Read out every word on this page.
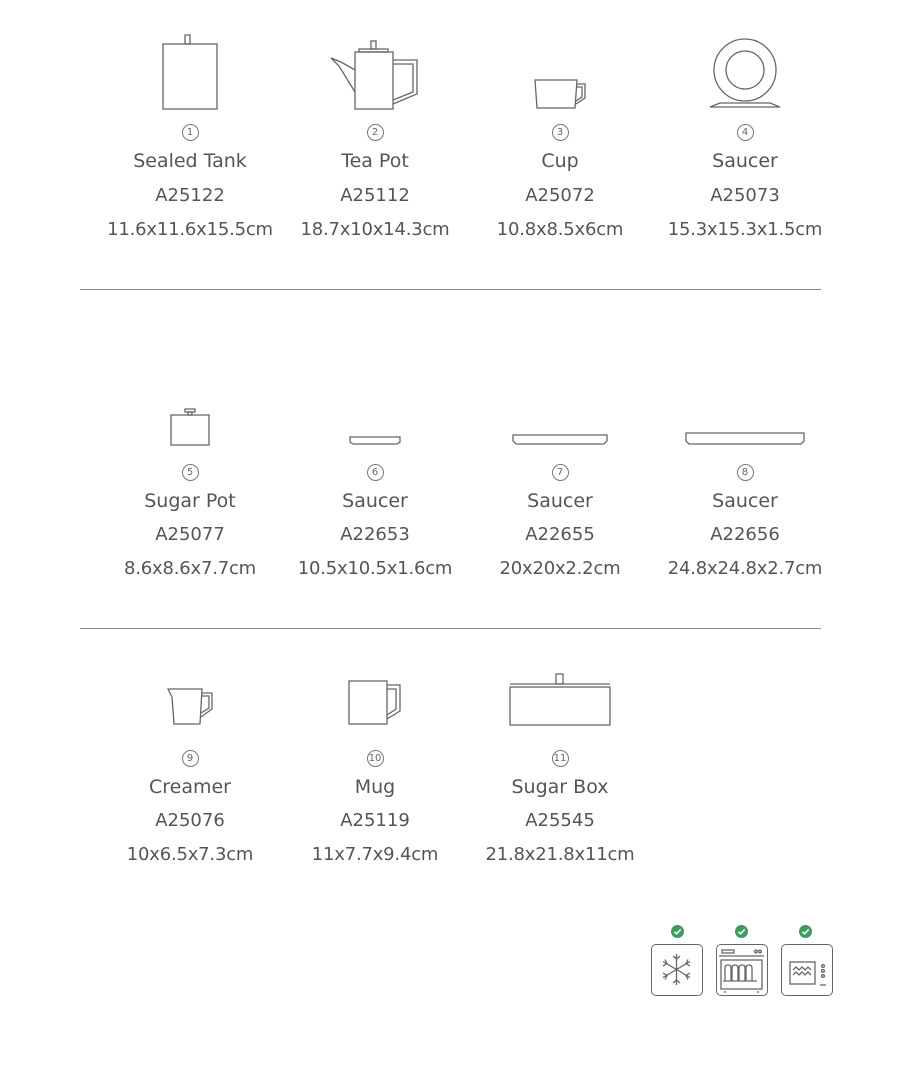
1
Sealed Tank
A25122
11.6x11.6x15.5cm
2
Tea Pot
A25112
18.7x10x14.3cm
3
Cup
A25072
10.8x8.5x6cm
4
Saucer
A25073
15.3x15.3x1.5cm
5
Sugar Pot
A25077
8.6x8.6x7.7cm
6
Saucer
A22653
10.5x10.5x1.6cm
7
Saucer
A22655
20x20x2.2cm
8
Saucer
A22656
24.8x24.8x2.7cm
9
Creamer
A25076
10x6.5x7.3cm
10
Mug
A25119
11x7.7x9.4cm
11
Sugar Box
A25545
21.8x21.8x11cm
